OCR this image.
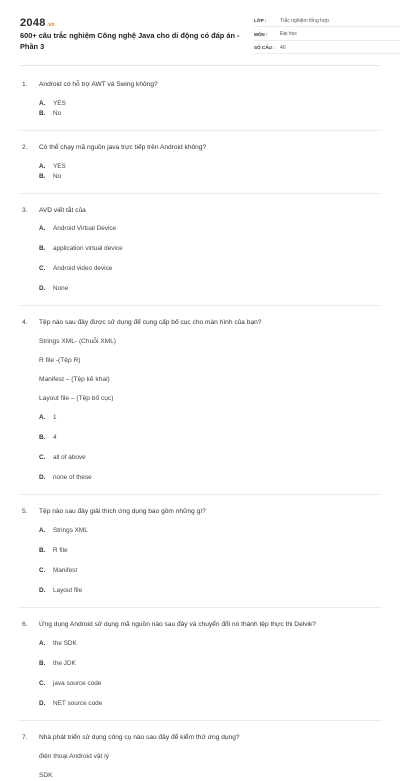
2048.vn
600+ câu trắc nghiệm Công nghệ Java cho di động có đáp án - Phần 3
LỚP :	Trắc nghiệm tổng hợp
MÔN :	Đại học
SỐ CÂU :	40
1.	Android có hỗ trợ AWT và Swing không?
A. YES
B. No
2.	Có thể chạy mã nguồn java trực tiếp trên Android không?
A. YES
B. No
3.	AVD viết tắt của
A. Android Virtual Device
B. application virtual device
C. Android video device
D. None
4.	Tệp nào sau đây được sử dụng để cung cấp bố cục cho màn hình của bạn?
Strings XML- (Chuỗi XML)
R file -(Tệp R)
Manifest – (Tệp kê khai)
Layout file – (Tệp bố cục)
A. 1
B. 4
C. all of above
D. none of these
5.	Tệp nào sau đây giải thích ứng dụng bao gồm những gì?
A. Strings XML
B. R file
C. Manifest
D. Layout file
6.	Ứng dụng Android sử dụng mã nguồn nào sau đây và chuyển đổi nó thành tệp thực thi Delvik?
A. the SDK
B. the JDK
C. java source code
D. NET source code
7.	Nhà phát triển sử dụng công cụ nào sau đây để kiểm thử ứng dụng?
điện thoại Android vật lý
SDK
